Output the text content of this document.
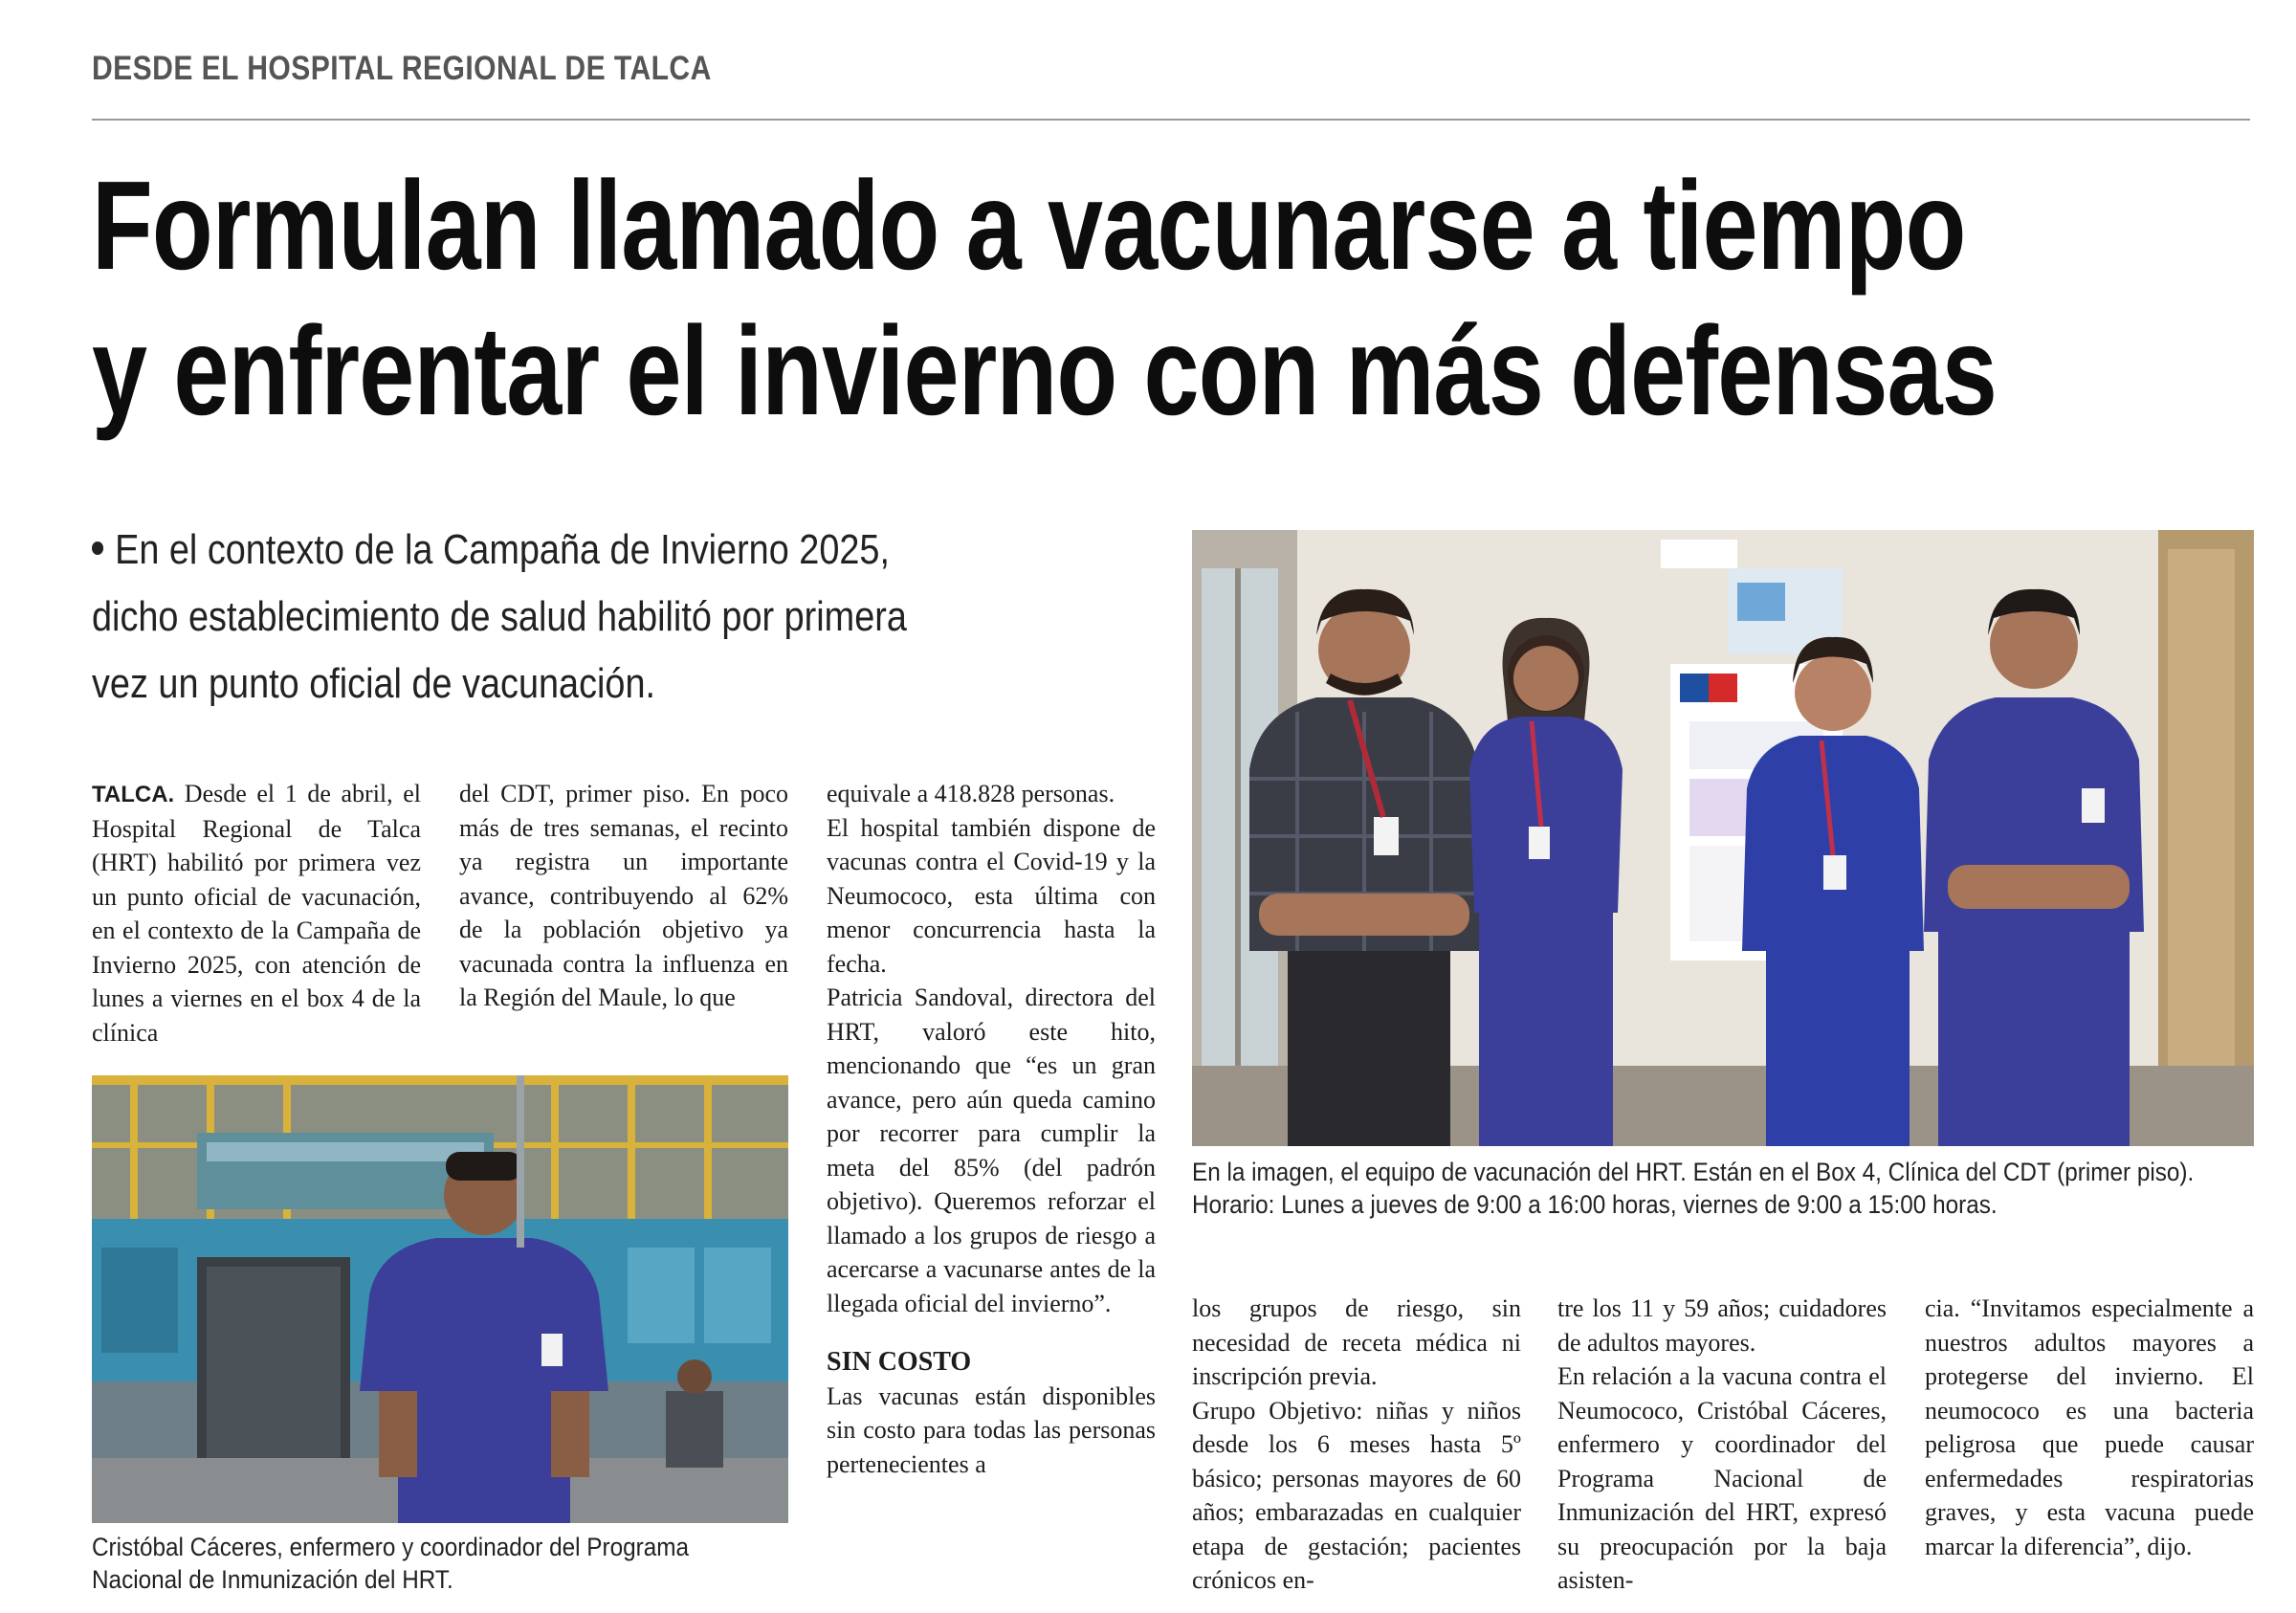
DESDE EL HOSPITAL REGIONAL DE TALCA
Formulan llamado a vacunarse a tiempo
y enfrentar el invierno con más defensas
En el contexto de la Campaña de Invierno 2025,
dicho establecimiento de salud habilitó por primera
vez un punto oficial de vacunación.

TALCA. Desde el 1 de abril, el Hospital Regional de Talca (HRT) habilitó por primera vez un punto oficial de vacunación, en el contexto de la Campaña de Invierno 2025, con atención de lunes a viernes en el box 4 de la clínica

del CDT, primer piso. En poco más de tres semanas, el recinto ya registra un importante avance, contribuyendo al 62% de la población objetivo ya vacunada contra la influenza en la Región del Maule, lo que

equivale a 418.828 personas.

El hospital también dispone de vacunas contra el Covid-19 y la Neumococo, esta última con menor concurrencia hasta la fecha.

Patricia Sandoval, directora del HRT, valoró este hito, mencionando que “es un gran avance, pero aún queda camino por recorrer para cumplir la meta del 85% (del padrón objetivo). Queremos reforzar el llamado a los grupos de riesgo a acercarse a vacunarse antes de la llegada oficial del invierno”.

SIN COSTO

Las vacunas están disponibles sin costo para todas las personas pertenecientes a

los grupos de riesgo, sin necesidad de receta médica ni inscripción previa.

Grupo Objetivo: niñas y niños desde los 6 meses hasta 5º básico; personas mayores de 60 años; embarazadas en cualquier etapa de gestación; pacientes crónicos en-

tre los 11 y 59 años; cuidadores de adultos mayores.

En relación a la vacuna contra el Neumococo, Cristóbal Cáceres, enfermero y coordinador del Programa Nacional de Inmunización del HRT, expresó su preocupación por la baja asisten-

cia. “Invitamos especialmente a nuestros adultos mayores a protegerse del invierno. El neumococo es una bacteria peligrosa que puede causar enfermedades respiratorias graves, y esta vacuna puede marcar la diferencia”, dijo.

Cristóbal Cáceres, enfermero y coordinador del Programa
Nacional de Inmunización del HRT.
En la imagen, el equipo de vacunación del HRT. Están en el Box 4, Clínica del CDT (primer piso).
Horario: Lunes a jueves de 9:00 a 16:00 horas, viernes de 9:00 a 15:00 horas.
